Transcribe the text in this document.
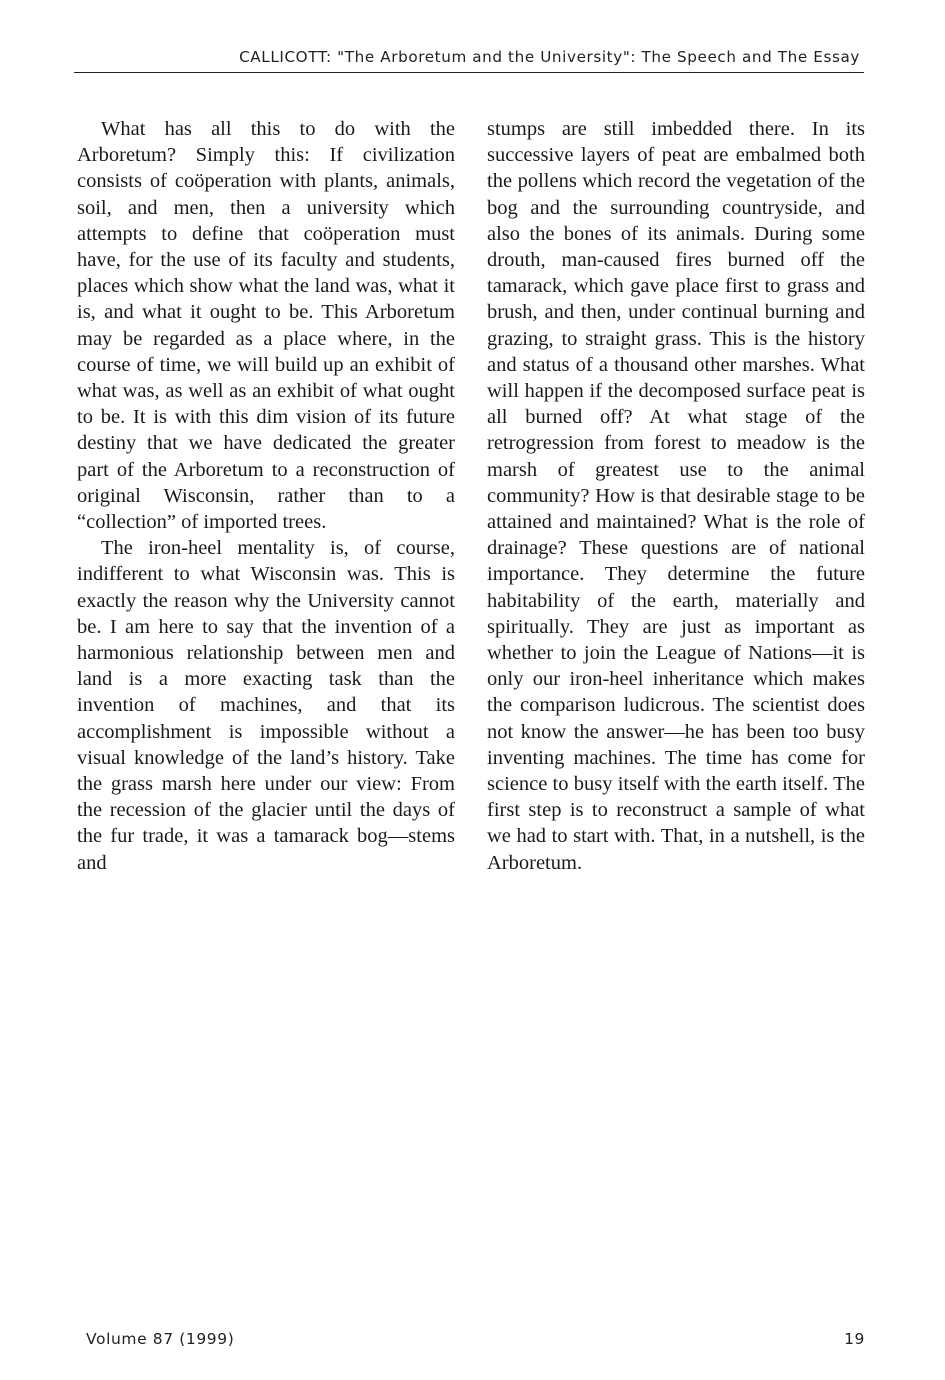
CALLICOTT: "The Arboretum and the University": The Speech and The Essay

What has all this to do with the Arboretum? Simply this: If civilization consists of coöperation with plants, animals, soil, and men, then a university which attempts to define that coöperation must have, for the use of its faculty and students, places which show what the land was, what it is, and what it ought to be. This Arboretum may be regarded as a place where, in the course of time, we will build up an exhibit of what was, as well as an exhibit of what ought to be. It is with this dim vision of its future destiny that we have dedicated the greater part of the Arboretum to a reconstruction of original Wisconsin, rather than to a “collection” of imported trees.

The iron-heel mentality is, of course, indifferent to what Wisconsin was. This is exactly the reason why the University cannot be. I am here to say that the invention of a harmonious relationship between men and land is a more exacting task than the invention of machines, and that its accomplishment is impossible without a visual knowledge of the land’s history. Take the grass marsh here under our view: From the recession of the glacier until the days of the fur trade, it was a tamarack bog—stems and

stumps are still imbedded there. In its successive layers of peat are embalmed both the pollens which record the vegetation of the bog and the surrounding countryside, and also the bones of its animals. During some drouth, man-caused fires burned off the tamarack, which gave place first to grass and brush, and then, under continual burning and grazing, to straight grass. This is the history and status of a thousand other marshes. What will happen if the decomposed surface peat is all burned off? At what stage of the retrogression from forest to meadow is the marsh of greatest use to the animal community? How is that desirable stage to be attained and maintained? What is the role of drainage? These questions are of national importance. They determine the future habitability of the earth, materially and spiritually. They are just as important as whether to join the League of Nations—it is only our iron-heel inheritance which makes the comparison ludicrous. The scientist does not know the answer—he has been too busy inventing machines. The time has come for science to busy itself with the earth itself. The first step is to reconstruct a sample of what we had to start with. That, in a nutshell, is the Arboretum.

Volume 87 (1999)	19
